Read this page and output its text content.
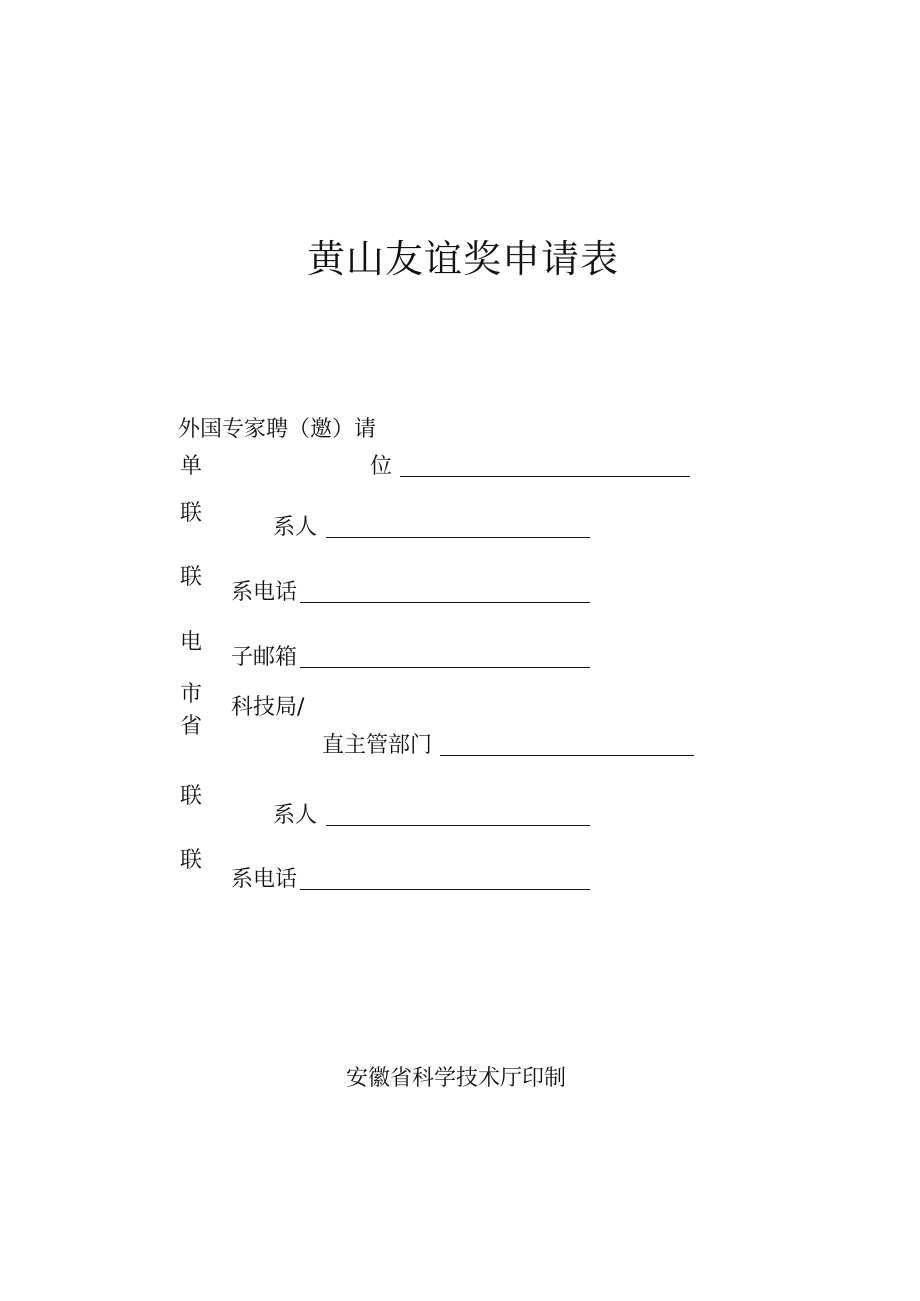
黄山友谊奖申请表
外国专家聘（邀）请
单	位
联
系人
联
系电话
电
子邮箱
市
省
科技局/
直主管部门
联
系人
联
系电话
安徽省科学技术厅印制
